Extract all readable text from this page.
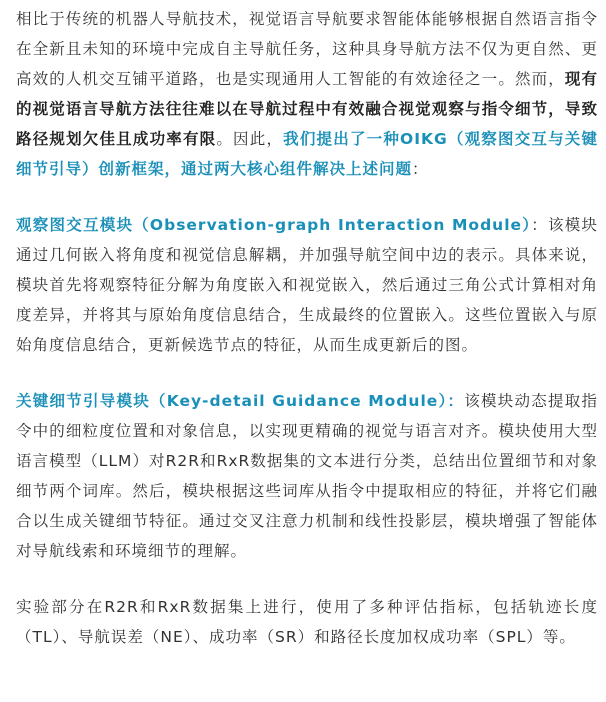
相比于传统的机器人导航技术，视觉语言导航要求智能体能够根据自然语言指令在全新且未知的环境中完成自主导航任务，这种具身导航方法不仅为更自然、更高效的人机交互铺平道路，也是实现通用人工智能的有效途径之一。然而，现有的视觉语言导航方法往往难以在导航过程中有效融合视觉观察与指令细节，导致路径规划欠佳且成功率有限。因此，我们提出了一种OIKG（观察图交互与关键细节引导）创新框架，通过两大核心组件解决上述问题：

观察图交互模块（Observation-graph Interaction Module）：该模块通过几何嵌入将角度和视觉信息解耦，并加强导航空间中边的表示。具体来说，模块首先将观察特征分解为角度嵌入和视觉嵌入，然后通过三角公式计算相对角度差异，并将其与原始角度信息结合，生成最终的位置嵌入。这些位置嵌入与原始角度信息结合，更新候选节点的特征，从而生成更新后的图。

关键细节引导模块（Key-detail Guidance Module）：该模块动态提取指令中的细粒度位置和对象信息，以实现更精确的视觉与语言对齐。模块使用大型语言模型（LLM）对R2R和RxR数据集的文本进行分类，总结出位置细节和对象细节两个词库。然后，模块根据这些词库从指令中提取相应的特征，并将它们融合以生成关键细节特征。通过交叉注意力机制和线性投影层，模块增强了智能体对导航线索和环境细节的理解。

实验部分在R2R和RxR数据集上进行，使用了多种评估指标，包括轨迹长度（TL）、导航误差（NE）、成功率（SR）和路径长度加权成功率（SPL）等。
